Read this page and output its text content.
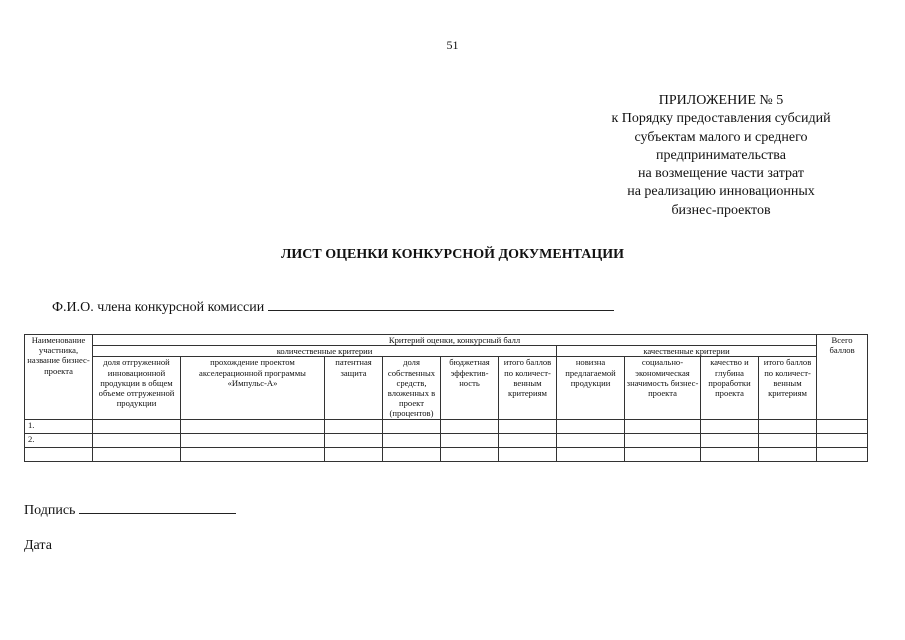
51
ПРИЛОЖЕНИЕ № 5
к Порядку предоставления субсидий
субъектам малого и среднего
предпринимательства
на возмещение части затрат
на реализацию инновационных
бизнес-проектов
ЛИСТ ОЦЕНКИ КОНКУРСНОЙ ДОКУМЕНТАЦИИ
Ф.И.О. члена конкурсной комиссии
Наименование участника, название бизнес-проекта	Критерий оценки, конкурсный балл										Всего баллов
	количественные критерии						качественные критерии				
	доля отгруженной инновационной продукции в общем объеме отгруженной продукции	прохождение проектом акселерационной программы «Импульс-А»	патентная защита	доля собственных средств, вложенных в проект (процентов)	бюджетная эффектив-ность	итого баллов по количест-венным критериям	новизна предлагаемой продукции	социально-экономическая значимость бизнес-проекта	качество и глубина проработки проекта	итого баллов по количест-венным критериям	
1.											
2.											

Подпись
Дата
